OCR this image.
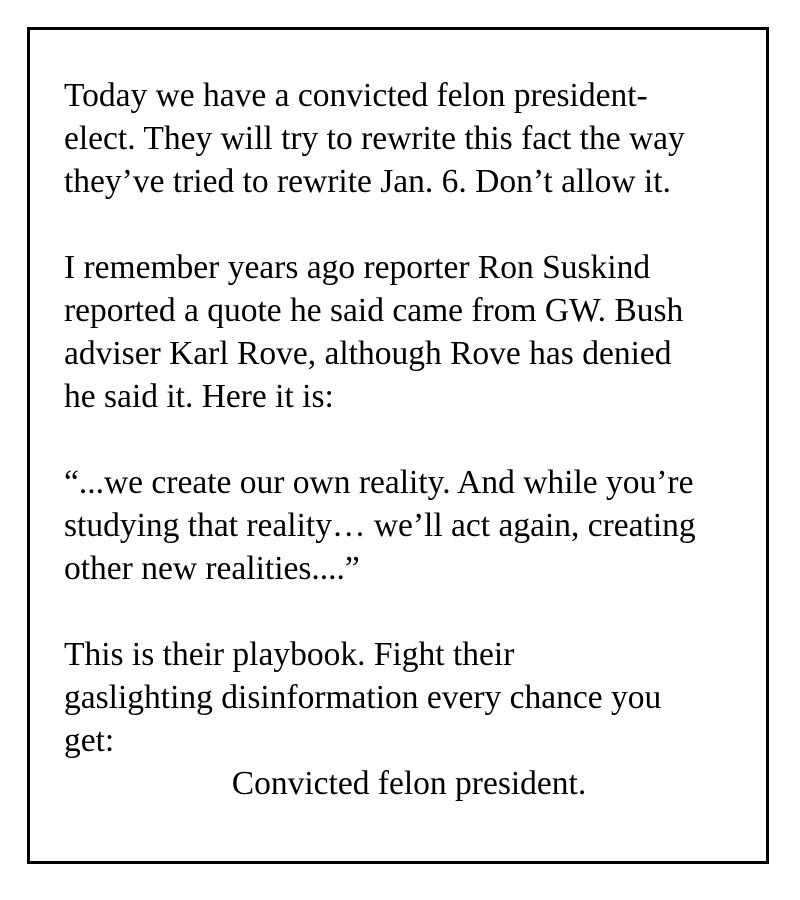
Today we have a convicted felon president-
elect. They will try to rewrite this fact the way
they’ve tried to rewrite Jan. 6. Don’t allow it.

I remember years ago reporter Ron Suskind
reported a quote he said came from GW. Bush
adviser Karl Rove, although Rove has denied
he said it. Here it is:

“...we create our own reality. And while you’re
studying that reality… we’ll act again, creating
other new realities....”

This is their playbook. Fight their
gaslighting disinformation every chance you
get:

Convicted felon president.
